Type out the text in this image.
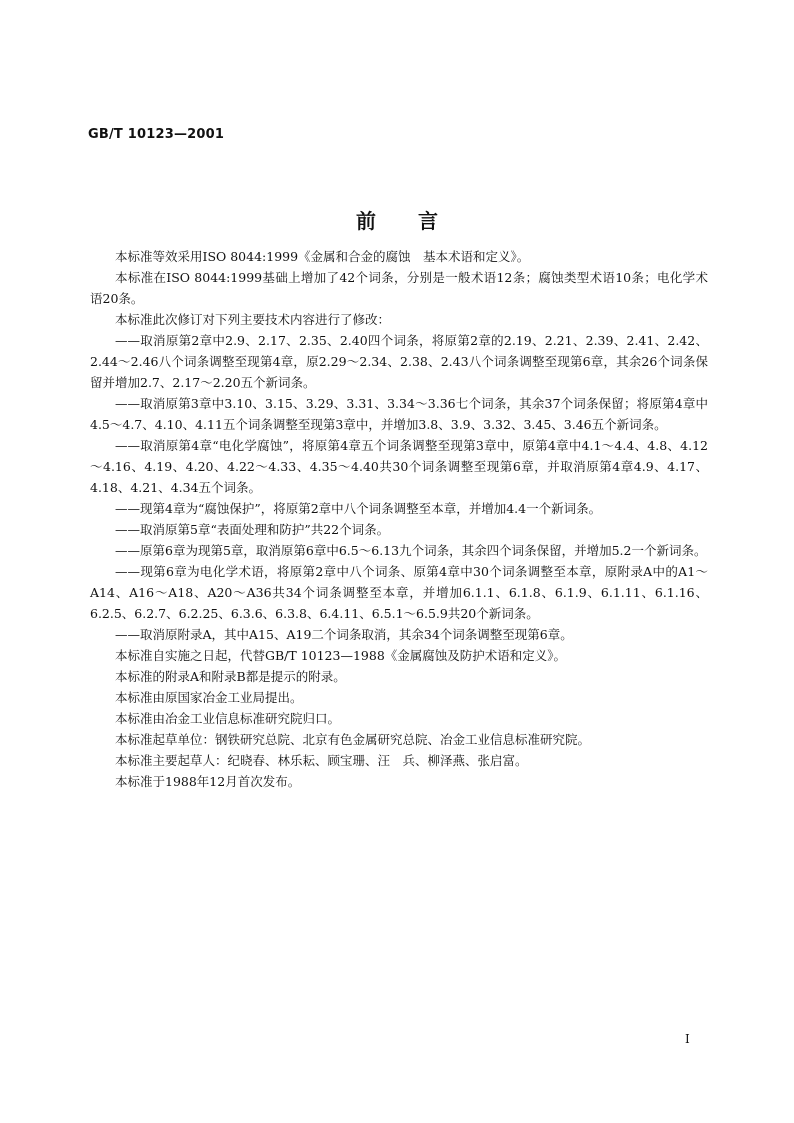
GB/T 10123—2001
前言
本标准等效采用ISO 8044:1999《金属和合金的腐蚀　基本术语和定义》。
本标准在ISO 8044:1999基础上增加了42个词条，分别是一般术语12条；腐蚀类型术语10条；电化学术语20条。
本标准此次修订对下列主要技术内容进行了修改：
——取消原第2章中2.9、2.17、2.35、2.40四个词条，将原第2章的2.19、2.21、2.39、2.41、2.42、2.44～2.46八个词条调整至现第4章，原2.29～2.34、2.38、2.43八个词条调整至现第6章，其余26个词条保留并增加2.7、2.17～2.20五个新词条。
——取消原第3章中3.10、3.15、3.29、3.31、3.34～3.36七个词条，其余37个词条保留；将原第4章中4.5～4.7、4.10、4.11五个词条调整至现第3章中，并增加3.8、3.9、3.32、3.45、3.46五个新词条。
——取消原第4章“电化学腐蚀”，将原第4章五个词条调整至现第3章中，原第4章中4.1～4.4、4.8、4.12～4.16、4.19、4.20、4.22～4.33、4.35～4.40共30个词条调整至现第6章，并取消原第4章4.9、4.17、4.18、4.21、4.34五个词条。
——现第4章为“腐蚀保护”，将原第2章中八个词条调整至本章，并增加4.4一个新词条。
——取消原第5章“表面处理和防护”共22个词条。
——原第6章为现第5章，取消原第6章中6.5～6.13九个词条，其余四个词条保留，并增加5.2一个新词条。
——现第6章为电化学术语，将原第2章中八个词条、原第4章中30个词条调整至本章，原附录A中的A1～A14、A16～A18、A20～A36共34个词条调整至本章，并增加6.1.1、6.1.8、6.1.9、6.1.11、6.1.16、6.2.5、6.2.7、6.2.25、6.3.6、6.3.8、6.4.11、6.5.1～6.5.9共20个新词条。
——取消原附录A，其中A15、A19二个词条取消，其余34个词条调整至现第6章。
本标准自实施之日起，代替GB/T 10123—1988《金属腐蚀及防护术语和定义》。
本标准的附录A和附录B都是提示的附录。
本标准由原国家冶金工业局提出。
本标准由冶金工业信息标准研究院归口。
本标准起草单位：钢铁研究总院、北京有色金属研究总院、冶金工业信息标准研究院。
本标准主要起草人：纪晓春、林乐耘、顾宝珊、汪　兵、柳泽燕、张启富。
本标准于1988年12月首次发布。
I
